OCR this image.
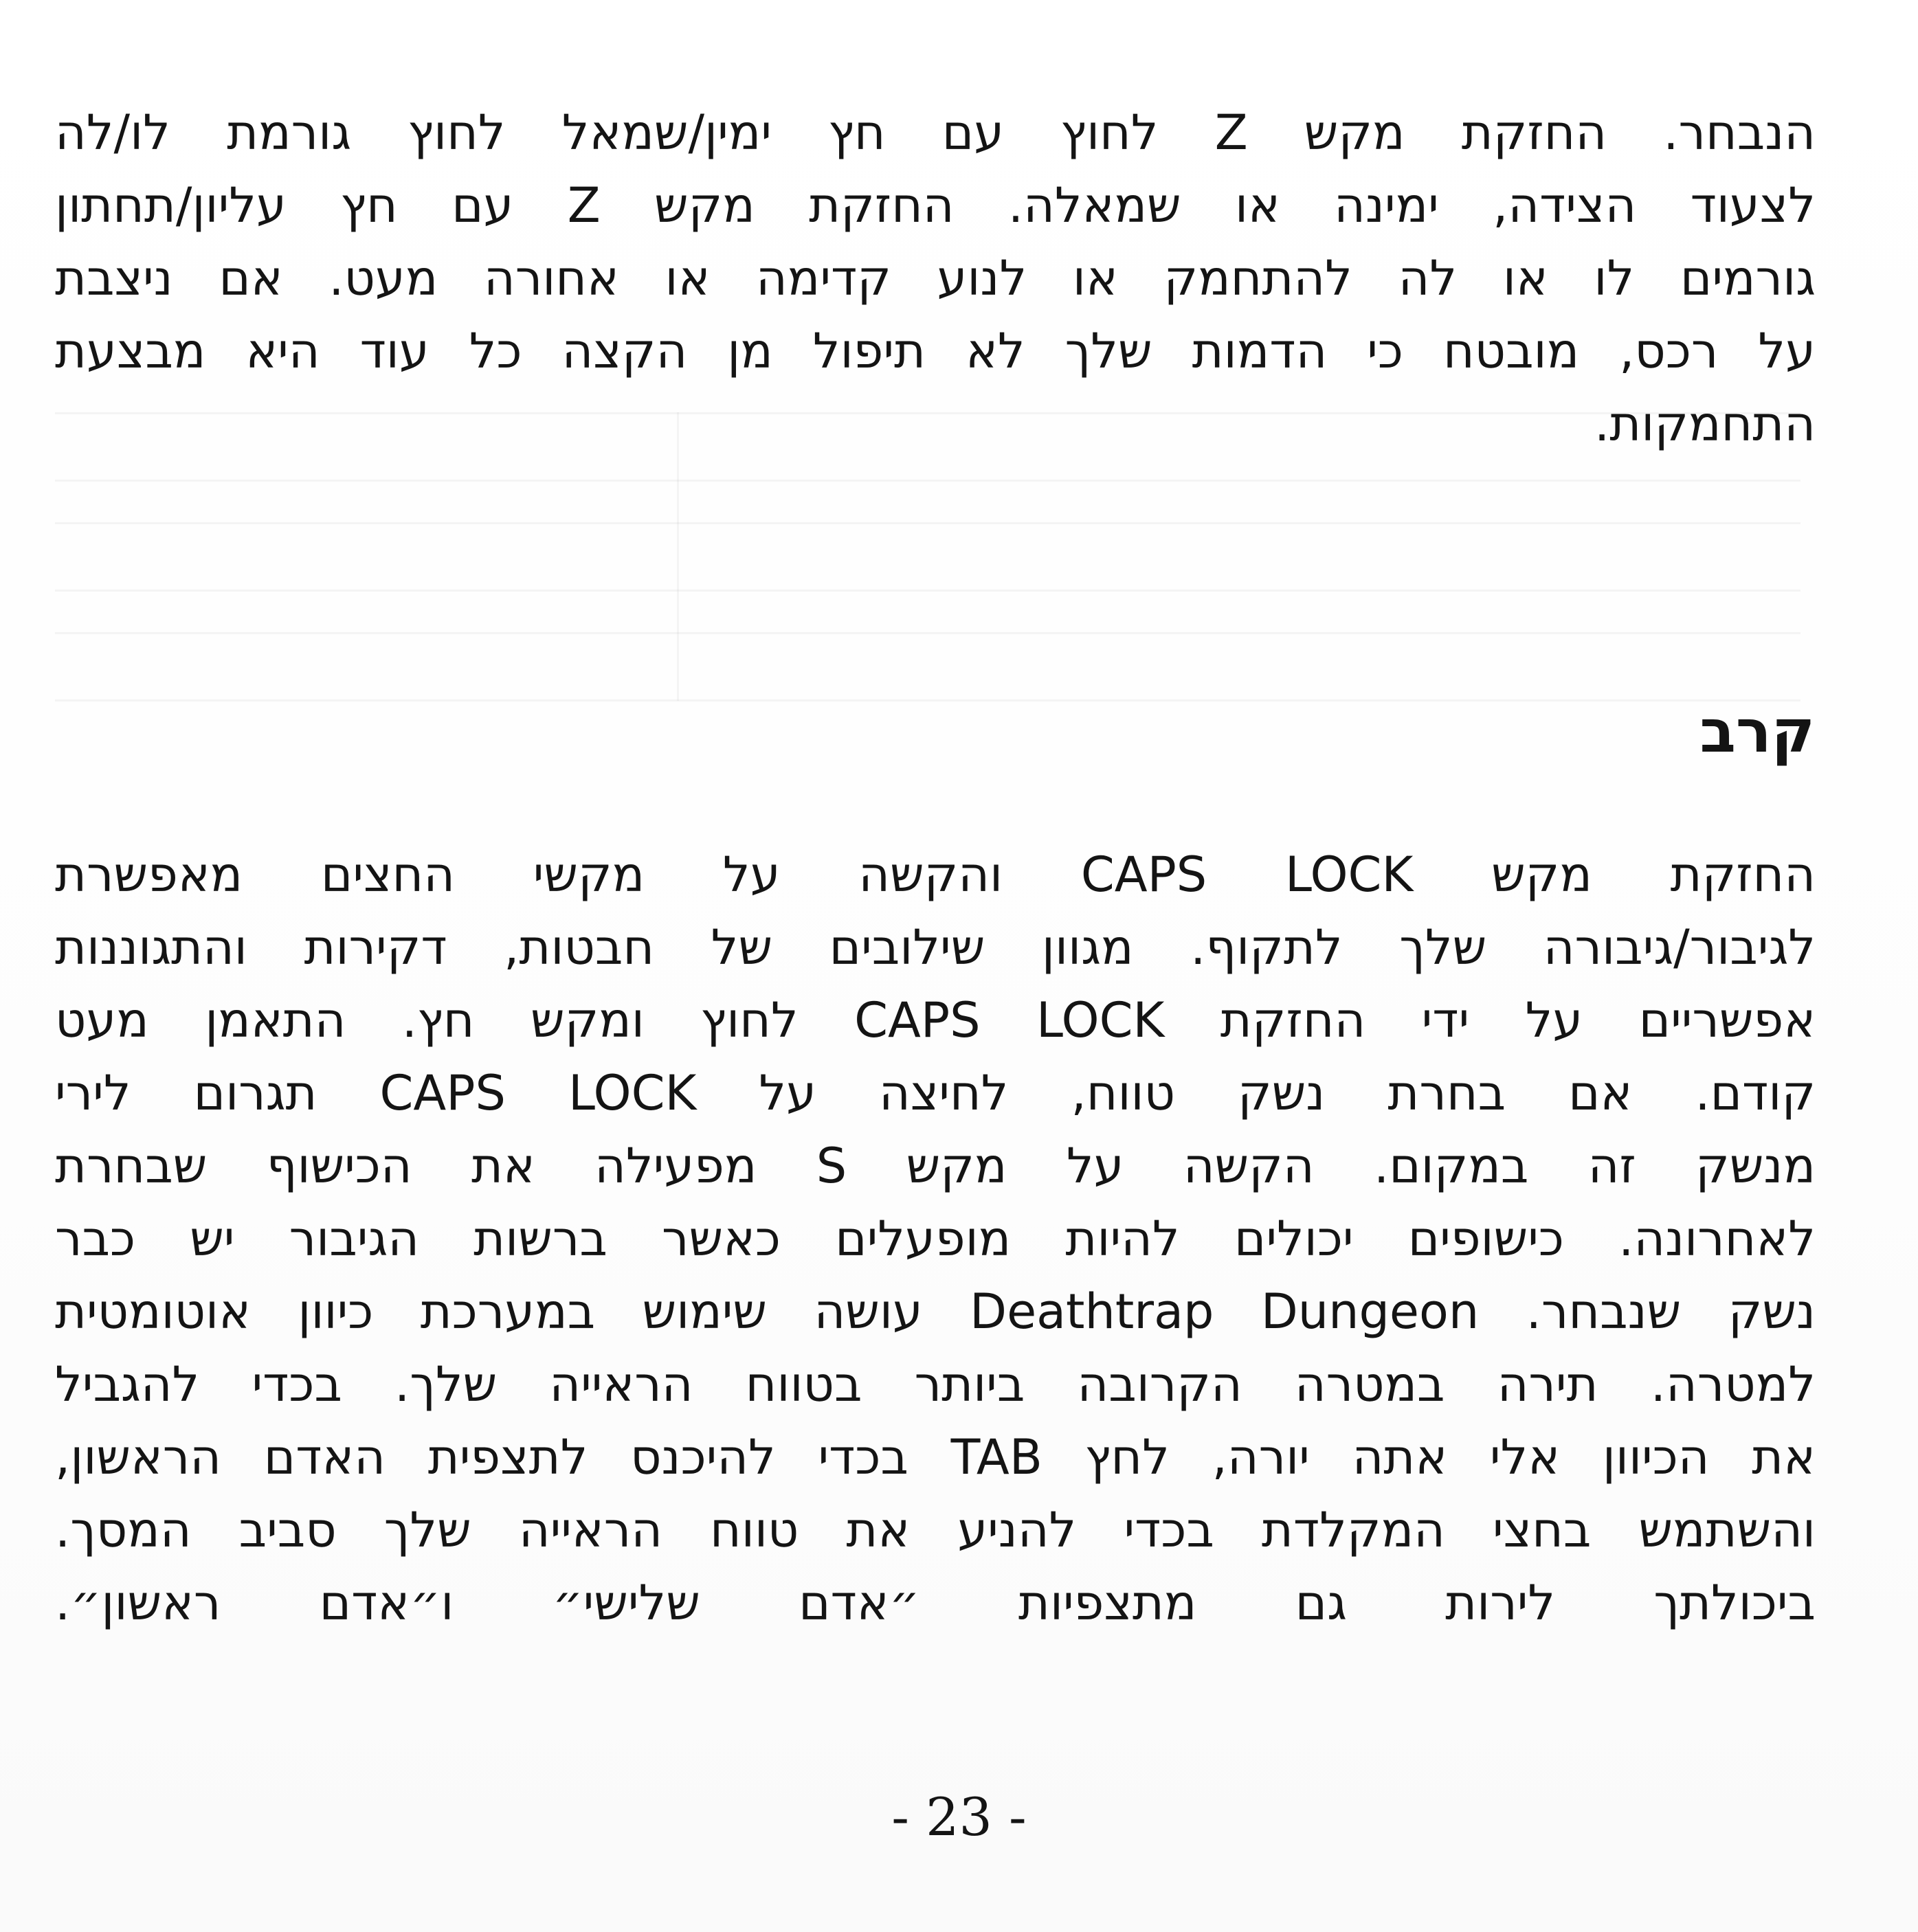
הנבחר. החזקת מקש Z לחוץ עם חץ ימין/שמאל לחוץ גורמת לו/לה
לצעוד הצידה, ימינה או שמאלה. החזקת מקש Z עם חץ עליון/תחתון
גורמים לו או לה להתחמק או לנוע קדימה או אחורה מעט. אם ניצבת
על רכס, מובטח כי הדמות שלך לא תיפול מן הקצה כל עוד היא מבצעת
התחמקות.
קרב
החזקת מקש CAPS LOCK והקשה על מקשי החצים מאפשרת
לגיבור/גיבורה שלך לתקוף. מגוון שילובים של חבטות, דקירות והתגוננות
אפשריים על ידי החזקת CAPS LOCK לחוץ ומקש חץ. התאמן מעט
קודם. אם בחרת נשק טווח, לחיצה על CAPS LOCK תגרום לירי
מנשק זה במקום. הקשה על מקש S מפעילה את הכישוף שבחרת
לאחרונה. כישופים יכולים להיות מופעלים כאשר ברשות הגיבור יש כבר
נשק שנבחר. Deathtrap Dungeon עושה שימוש במערכת כיוון אוטומטית
למטרה. תירה במטרה הקרובה ביותר בטווח הראייה שלך. בכדי להגביל
את הכיוון אלי אתה יורה, לחץ TAB בכדי להיכנס לתצפית האדם הראשון,
והשתמש בחצי המקלדת בכדי להניע את טווח הראייה שלך סביב המסך.
ביכולתך לירות גם מתצפיות ״אדם שלישי״ ו״אדם ראשון״.
- 23 -
